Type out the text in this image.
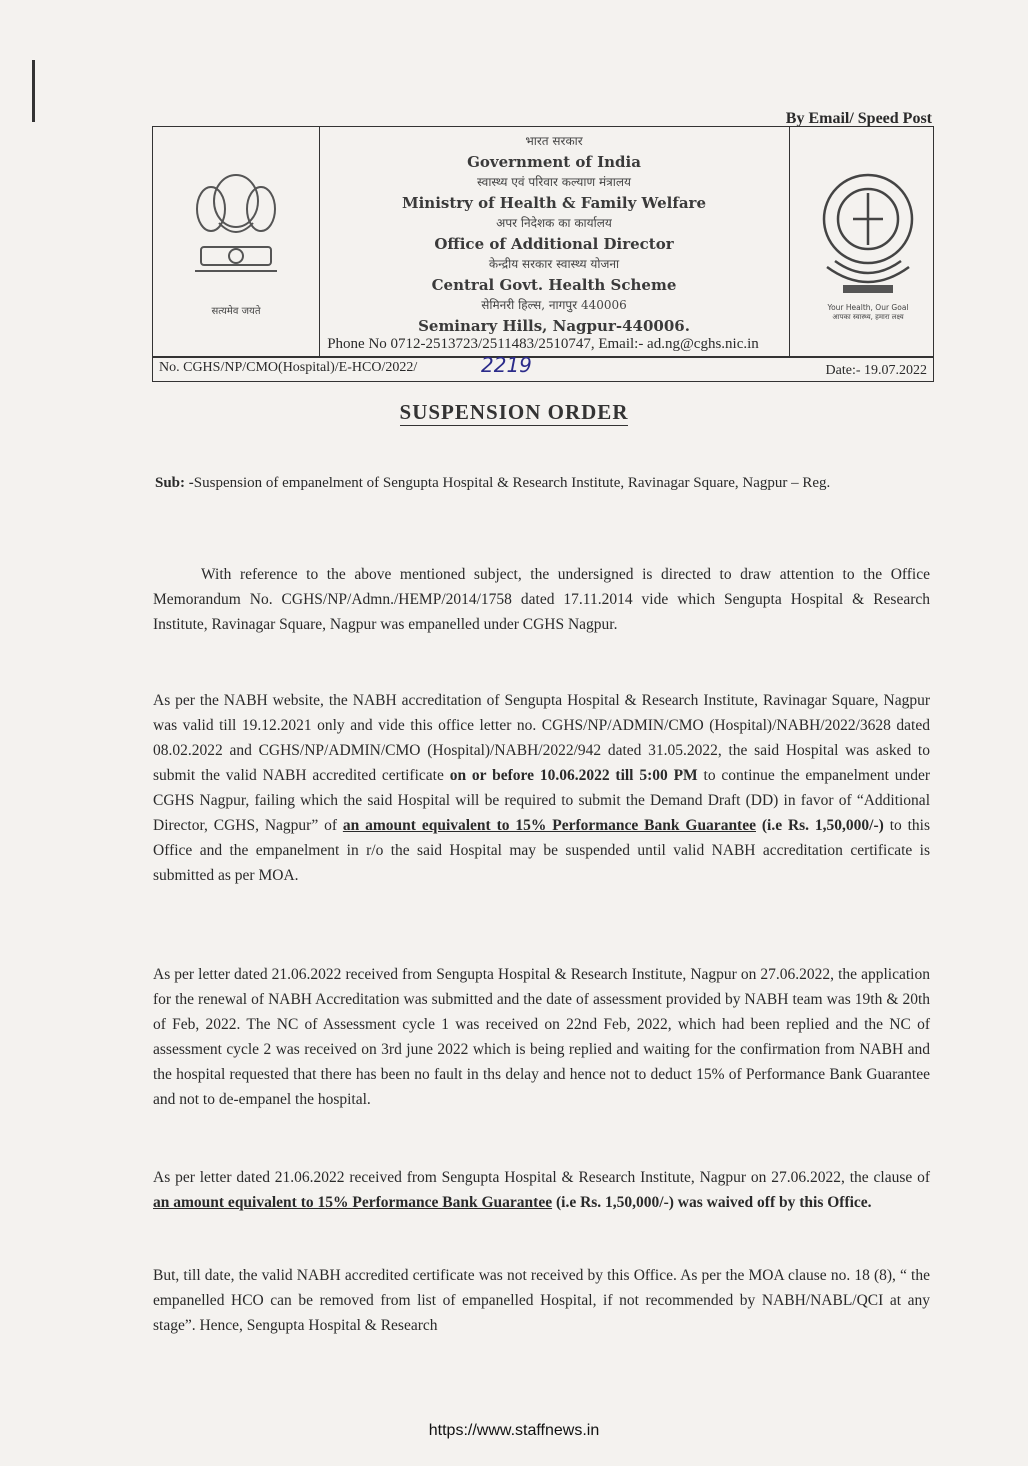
By Email/ Speed Post
सत्यमेव जयते
भारत सरकार
Government of India
स्वास्थ्य एवं परिवार कल्याण मंत्रालय
Ministry of Health & Family Welfare
अपर निदेशक का कार्यालय
Office of Additional Director
केन्द्रीय सरकार स्वास्थ्य योजना
Central Govt. Health Scheme
सेमिनरी हिल्स, नागपुर 440006
Seminary Hills, Nagpur-440006.
Your Health, Our Goal
आपका स्वास्थ्य, हमारा लक्ष्य
Phone No 0712-2513723/2511483/2510747, Email:- ad.ng@cghs.nic.in
No. CGHS/NP/CMO(Hospital)/E-HCO/2022/	2219	Date:- 19.07.2022
SUSPENSION ORDER
Sub: -Suspension of empanelment of Sengupta Hospital & Research Institute, Ravinagar Square, Nagpur – Reg.
With reference to the above mentioned subject, the undersigned is directed to draw attention to the Office Memorandum No. CGHS/NP/Admn./HEMP/2014/1758 dated 17.11.2014 vide which Sengupta Hospital & Research Institute, Ravinagar Square, Nagpur was empanelled under CGHS Nagpur.
As per the NABH website, the NABH accreditation of Sengupta Hospital & Research Institute, Ravinagar Square, Nagpur was valid till 19.12.2021 only and vide this office letter no. CGHS/NP/ADMIN/CMO (Hospital)/NABH/2022/3628 dated 08.02.2022 and CGHS/NP/ADMIN/CMO (Hospital)/NABH/2022/942 dated 31.05.2022, the said Hospital was asked to submit the valid NABH accredited certificate on or before 10.06.2022 till 5:00 PM to continue the empanelment under CGHS Nagpur, failing which the said Hospital will be required to submit the Demand Draft (DD) in favor of “Additional Director, CGHS, Nagpur” of an amount equivalent to 15% Performance Bank Guarantee (i.e Rs. 1,50,000/-) to this Office and the empanelment in r/o the said Hospital may be suspended until valid NABH accreditation certificate is submitted as per MOA.
As per letter dated 21.06.2022 received from Sengupta Hospital & Research Institute, Nagpur on 27.06.2022, the application for the renewal of NABH Accreditation was submitted and the date of assessment provided by NABH team was 19th & 20th of Feb, 2022. The NC of Assessment cycle 1 was received on 22nd Feb, 2022, which had been replied and the NC of assessment cycle 2 was received on 3rd june 2022 which is being replied and waiting for the confirmation from NABH and the hospital requested that there has been no fault in ths delay and hence not to deduct 15% of Performance Bank Guarantee and not to de-empanel the hospital.
As per letter dated 21.06.2022 received from Sengupta Hospital & Research Institute, Nagpur on 27.06.2022, the clause of an amount equivalent to 15% Performance Bank Guarantee (i.e Rs. 1,50,000/-) was waived off by this Office.
But, till date, the valid NABH accredited certificate was not received by this Office. As per the MOA clause no. 18 (8), “ the empanelled HCO can be removed from list of empanelled Hospital, if not recommended by NABH/NABL/QCI at any stage”. Hence, Sengupta Hospital & Research
https://www.staffnews.in
